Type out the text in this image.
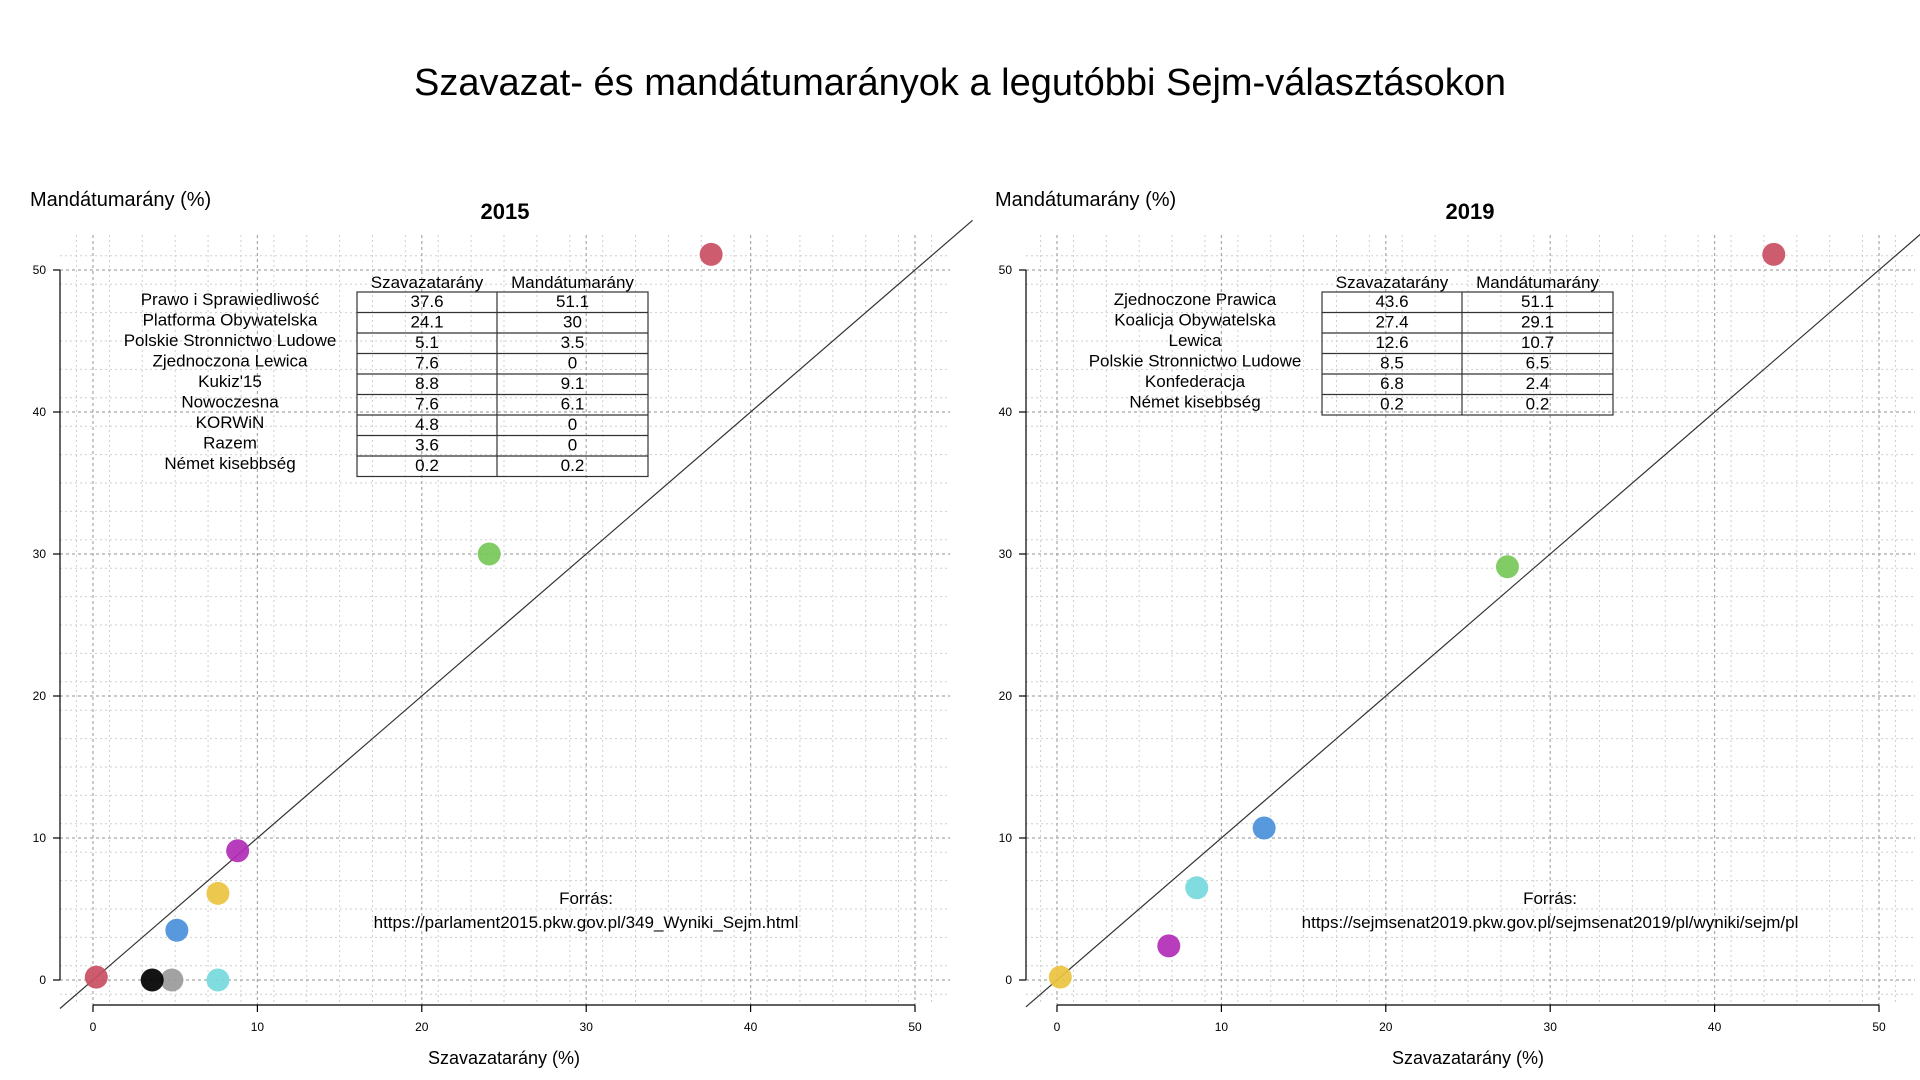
Szavazat- és mandátumarányok a legutóbbi Sejm-választásokon
0	10	20	30	40	50
0
10
20
30
40
50
Szavazatarány (%)
Mandátumarány (%)	2015
Szavazatarány Mandátumarány
Prawo i Sprawiedliwość	37.6	51.1
Platforma Obywatelska	24.1	30
Polskie Stronnictwo Ludowe	5.1	3.5
Zjednoczona Lewica	7.6	0
Kukiz'15	8.8	9.1
Nowoczesna	7.6	6.1
KORWiN	4.8	0
Razem	3.6	0
Német kisebbség	0.2	0.2
Forrás:
https://parlament2015.pkw.gov.pl/349_Wyniki_Sejm.html
0	10	20	30	40	50
0
10
20
30
40
50
Szavazatarány (%)
Mandátumarány (%)	2019
Szavazatarány Mandátumarány
Zjednoczone Prawica	43.6	51.1
Koalicja Obywatelska	27.4	29.1
Lewica	12.6	10.7
Polskie Stronnictwo Ludowe	8.5	6.5
Konfederacja	6.8	2.4
Német kisebbség	0.2	0.2
Forrás:
https://sejmsenat2019.pkw.gov.pl/sejmsenat2019/pl/wyniki/sejm/pl
